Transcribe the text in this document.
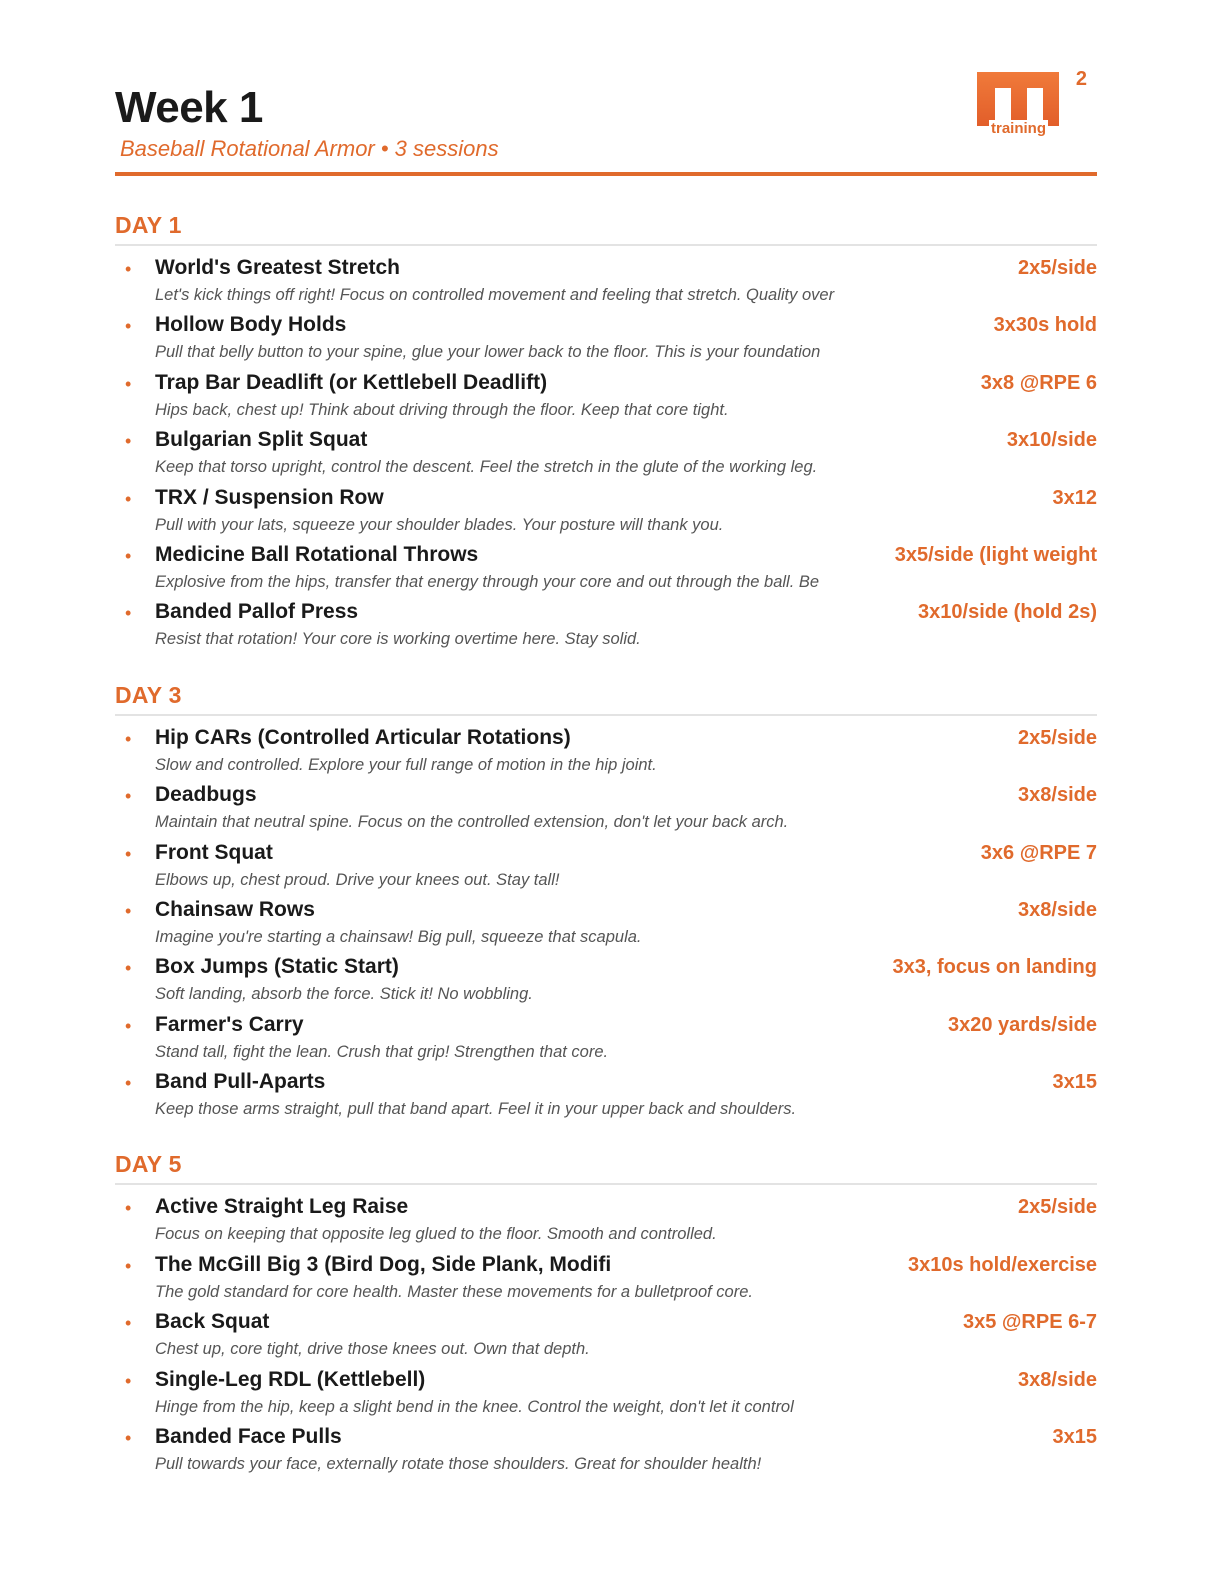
Week 1
Baseball Rotational Armor • 3 sessions
training
2
DAY 1
• World's Greatest Stretch	2x5/side
Let's kick things off right! Focus on controlled movement and feeling that stretch. Quality over
• Hollow Body Holds	3x30s hold
Pull that belly button to your spine, glue your lower back to the floor. This is your foundation
• Trap Bar Deadlift (or Kettlebell Deadlift)	3x8 @RPE 6
Hips back, chest up! Think about driving through the floor. Keep that core tight.
• Bulgarian Split Squat	3x10/side
Keep that torso upright, control the descent. Feel the stretch in the glute of the working leg.
• TRX / Suspension Row	3x12
Pull with your lats, squeeze your shoulder blades. Your posture will thank you.
• Medicine Ball Rotational Throws	3x5/side (light weight
Explosive from the hips, transfer that energy through your core and out through the ball. Be
• Banded Pallof Press	3x10/side (hold 2s)
Resist that rotation! Your core is working overtime here. Stay solid.
DAY 3
• Hip CARs (Controlled Articular Rotations)	2x5/side
Slow and controlled. Explore your full range of motion in the hip joint.
• Deadbugs	3x8/side
Maintain that neutral spine. Focus on the controlled extension, don't let your back arch.
• Front Squat	3x6 @RPE 7
Elbows up, chest proud. Drive your knees out. Stay tall!
• Chainsaw Rows	3x8/side
Imagine you're starting a chainsaw! Big pull, squeeze that scapula.
• Box Jumps (Static Start)	3x3, focus on landing
Soft landing, absorb the force. Stick it! No wobbling.
• Farmer's Carry	3x20 yards/side
Stand tall, fight the lean. Crush that grip! Strengthen that core.
• Band Pull-Aparts	3x15
Keep those arms straight, pull that band apart. Feel it in your upper back and shoulders.
DAY 5
• Active Straight Leg Raise	2x5/side
Focus on keeping that opposite leg glued to the floor. Smooth and controlled.
• The McGill Big 3 (Bird Dog, Side Plank, Modifi	3x10s hold/exercise
The gold standard for core health. Master these movements for a bulletproof core.
• Back Squat	3x5 @RPE 6-7
Chest up, core tight, drive those knees out. Own that depth.
• Single-Leg RDL (Kettlebell)	3x8/side
Hinge from the hip, keep a slight bend in the knee. Control the weight, don't let it control
• Banded Face Pulls	3x15
Pull towards your face, externally rotate those shoulders. Great for shoulder health!
